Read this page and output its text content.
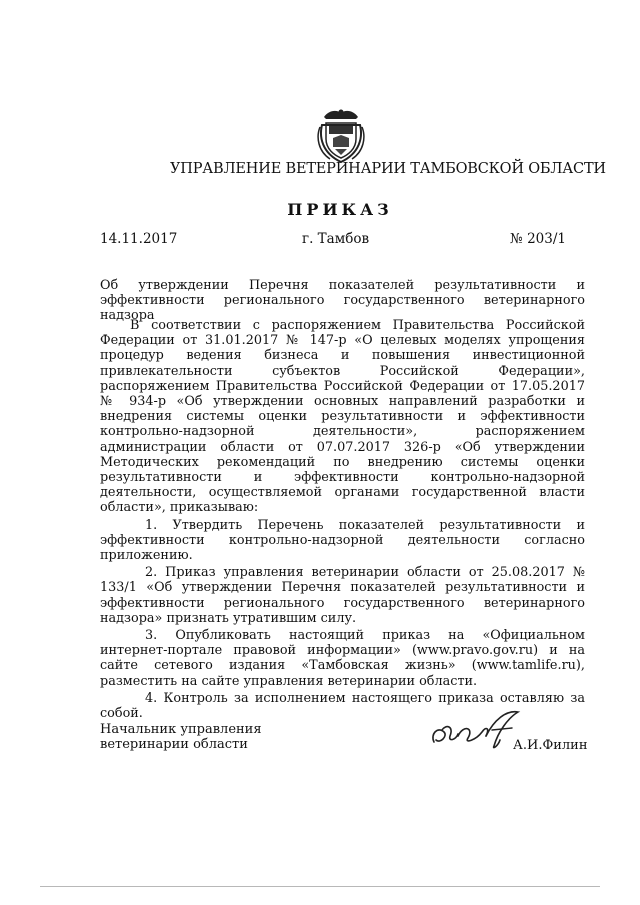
УПРАВЛЕНИЕ ВЕТЕРИНАРИИ ТАМБОВСКОЙ ОБЛАСТИ
ПРИКАЗ
14.11.2017	г. Тамбов	№ 203/1
Об утверждении Перечня показателей результативности и эффективности регионального государственного ветеринарного надзора

В соответствии с распоряжением Правительства Российской Федерации от 31.01.2017 № 147-р «О целевых моделях упрощения процедур ведения бизнеса и повышения инвестиционной привлекательности субъектов Российской Федерации», распоряжением Правительства Российской Федерации от 17.05.2017 № 934-р «Об утверждении основных направлений разработки и внедрения системы оценки результативности и эффективности контрольно-надзорной деятельности», распоряжением администрации области от 07.07.2017 326-р «Об утверждении Методических рекомендаций по внедрению системы оценки результативности и эффективности контрольно-надзорной деятельности, осуществляемой органами государственной власти области», приказываю:

1. Утвердить Перечень показателей результативности и эффективности контрольно-надзорной деятельности согласно приложению.

2. Приказ управления ветеринарии области от 25.08.2017 № 133/1 «Об утверждении Перечня показателей результативности и эффективности регионального государственного ветеринарного надзора» признать утратившим силу.

3. Опубликовать настоящий приказ на «Официальном интернет-портале правовой информации» (www.pravo.gov.ru) и на сайте сетевого издания «Тамбовская жизнь» (www.tamlife.ru), разместить на сайте управления ветеринарии области.

4. Контроль за исполнением настоящего приказа оставляю за собой.

Начальник управления
ветеринарии области	А.И.Филин
